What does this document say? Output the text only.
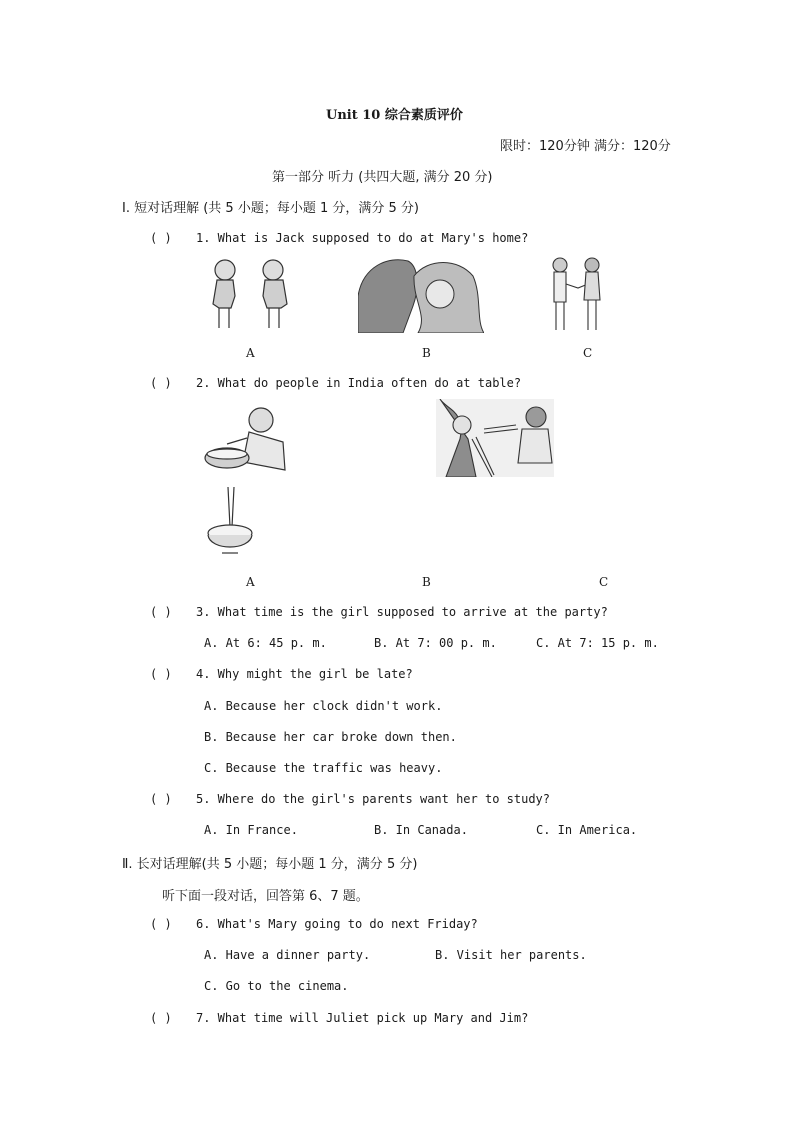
Unit 10 综合素质评价
限时：120分钟 满分：120分
第一部分 听力 (共四大题, 满分 20 分)
Ⅰ. 短对话理解 (共 5 小题；每小题 1 分，满分 5 分)
( ) 1. What is Jack supposed to do at Mary's home?
A	B	C
( ) 2. What do people in India often do at table?
A	B	C
( ) 3. What time is the girl supposed to arrive at the party?
A. At 6: 45 p. m.	B. At 7: 00 p. m.	C. At 7: 15 p. m.
( ) 4. Why might the girl be late?
A. Because her clock didn't work.
B. Because her car broke down then.
C. Because the traffic was heavy.
( ) 5. Where do the girl's parents want her to study?
A. In France.	B. In Canada.	C. In America.
Ⅱ. 长对话理解(共 5 小题；每小题 1 分，满分 5 分)
听下面一段对话，回答第 6、7 题。
( ) 6. What's Mary going to do next Friday?
A. Have a dinner party.	B. Visit her parents.
C. Go to the cinema.
( ) 7. What time will Juliet pick up Mary and Jim?
